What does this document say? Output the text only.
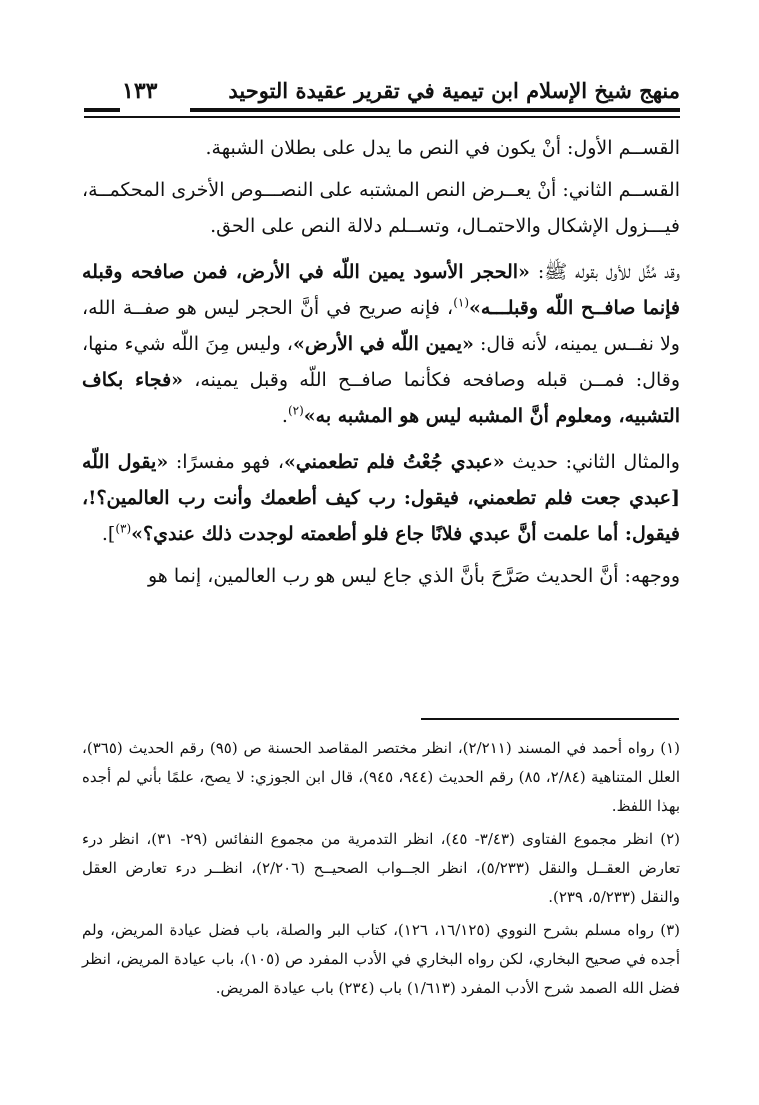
منهج شيخ الإسلام ابن تيمية في تقرير عقيدة التوحيد
١٣٣

القســم الأول: أنْ يكون في النص ما يدل على بطلان الشبهة.

القســم الثاني: أنْ يعــرض النص المشتبه على النصـــوص الأخرى المحكمــة، فيـــزول الإشكال والاحتمـال، وتســلم دلالة النص على الحق.

وقد مُثِّل للأول بقوله ﷺ: «الحجر الأسود يمين اللّه في الأرض، فمن صافحه وقبله فإنما صافــح اللّه وقبلـــه»$^{(١)}$، فإنه صريح في أنَّ الحجر ليس هو صفــة الله، ولا نفــس يمينه، لأنه قال: «يمين اللّه في الأرض»، وليس مِنَ اللّه شيء منها، وقال: فمــن قبله وصافحه فكأنما صافــح اللّه وقبل يمينه، «فجاء بكاف التشبيه، ومعلوم أنَّ المشبه ليس هو المشبه به»$^{(٢)}$.

والمثال الثاني: حديث «عبدي جُعْتُ فلم تطعمني»، فهو مفسرًا: «يقول اللّه [عبدي جعت فلم تطعمني، فيقول: رب كيف أطعمك وأنت رب العالمين؟!، فيقول: أما علمت أنَّ عبدي فلانًا جاع فلو أطعمته لوجدت ذلك عندي؟»$^{(٣)}$].

ووجهه: أنَّ الحديث صَرَّحَ بأنَّ الذي جاع ليس هو رب العالمين، إنما هو

(١) رواه أحمد في المسند (٢/٢١١)، انظر مختصر المقاصد الحسنة ص (٩٥) رقم الحديث (٣٦٥)، العلل المتناهية (٢/٨٤، ٨٥) رقم الحديث (٩٤٤، ٩٤٥)، قال ابن الجوزي: لا يصح، علمًا بأني لم أجده بهذا اللفظ.

(٢) انظر مجموع الفتاوى (٣/٤٣- ٤٥)، انظر التدمرية من مجموع النفائس (٢٩- ٣١)، انظر درء تعارض العقــل والنقل (٥/٢٣٣)، انظر الجــواب الصحيــح (٢/٢٠٦)، انظــر درء تعارض العقل والنقل (٥/٢٣٣، ٢٣٩).

(٣) رواه مسلم بشرح النووي (١٦/١٢٥، ١٢٦)، كتاب البر والصلة، باب فضل عيادة المريض، ولم أجده في صحيح البخاري، لكن رواه البخاري في الأدب المفرد ص (١٠٥)، باب عيادة المريض، انظر فضل الله الصمد شرح الأدب المفرد (١/٦١٣) باب (٢٣٤) باب عيادة المريض.
